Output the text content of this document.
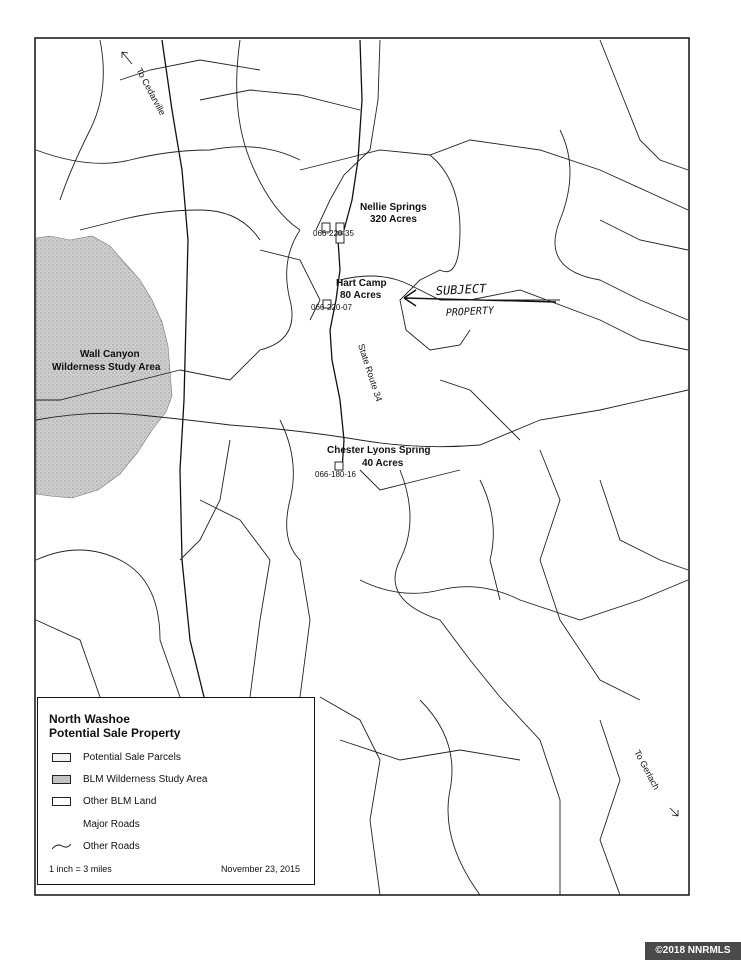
Nellie Springs
320 Acres
066-220-35
Hart Camp
80 Acres
066-220-07
Chester Lyons Spring
40 Acres
066-180-16
Wall Canyon
Wilderness Study Area	State Route 34
To Cedarville
To Gerlach
SUBJECT
PROPERTY
North Washoe
Potential Sale Property
Potential Sale Parcels
BLM Wilderness Study Area
Other BLM Land
Major Roads
Other Roads
1 inch = 3 miles	November 23, 2015
©2018 NNRMLS
